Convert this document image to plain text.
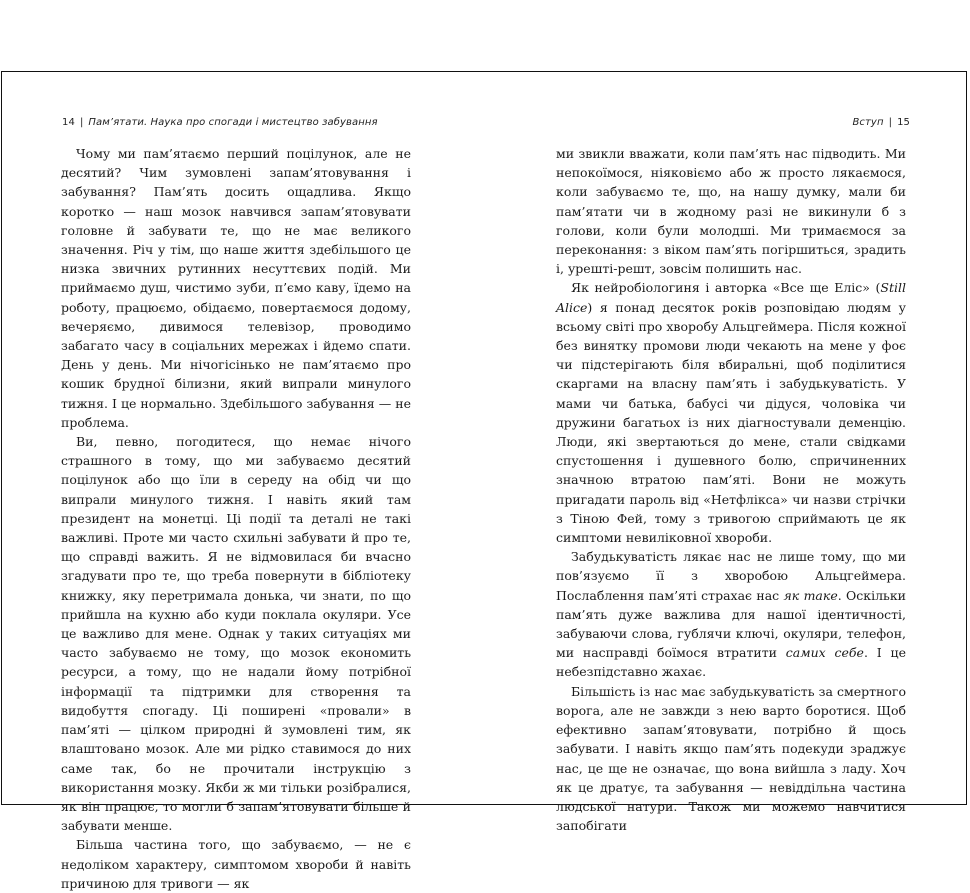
14 | Пам’ятати. Наука про спогади і мистецтво забування	Вступ | 15

Чому ми пам’ятаємо перший поцілунок, але не десятий? Чим зумовлені запам’ятовування і забування? Пам’ять досить ощадлива. Якщо коротко — наш мозок навчився запам’ятовувати головне й забувати те, що не має великого значення. Річ у тім, що наше життя здебільшого це низка звичних рутинних несуттєвих подій. Ми приймаємо душ, чистимо зуби, п’ємо каву, їдемо на роботу, працюємо, обідаємо, повертаємося додому, вечеряємо, дивимося телевізор, проводимо забагато часу в соціальних мережах і йдемо спати. День у день. Ми нічогісінько не пам’ятаємо про кошик брудної білизни, який випрали минулого тижня. І це нормально. Здебільшого забування — не проблема.

Ви, певно, погодитеся, що немає нічого страшного в тому, що ми забуваємо десятий поцілунок або що їли в середу на обід чи що випрали минулого тижня. І навіть який там президент на монетці. Ці події та деталі не такі важливі. Проте ми часто схильні забувати й про те, що справді важить. Я не відмовилася би вчасно згадувати про те, що треба повернути в бібліотеку книжку, яку перетримала донька, чи знати, по що прийшла на кухню або куди поклала окуляри. Усе це важливо для мене. Однак у таких ситуаціях ми часто забуваємо не тому, що мозок економить ресурси, а тому, що не надали йому потрібної інформації та підтримки для створення та видобуття спогаду. Ці поширені «провали» в пам’яті — цілком природні й зумовлені тим, як влаштовано мозок. Але ми рідко ставимося до них саме так, бо не прочитали інструкцію з використання мозку. Якби ж ми тільки розібралися, як він працює, то могли б запам’ятовувати більше й забувати менше.

Більша частина того, що забуваємо, — не є недоліком характеру, симптомом хвороби й навіть причиною для тривоги — як

ми звикли вважати, коли пам’ять нас підводить. Ми непокоїмося, ніяковіємо або ж просто лякаємося, коли забуваємо те, що, на нашу думку, мали би пам’ятати чи в жодному разі не викинули б з голови, коли були молодші. Ми тримаємося за переконання: з віком пам’ять погіршиться, зрадить і, урешті-решт, зовсім полишить нас.

Як нейробіологиня і авторка «Все ще Еліс» (Still Alice) я понад десяток років розповідаю людям у всьому світі про хворобу Альцгеймера. Після кожної без винятку промови люди чекають на мене у фоє чи підстерігають біля вбиральні, щоб поділитися скаргами на власну пам’ять і забудькуватість. У мами чи батька, бабусі чи дідуся, чоловіка чи дружини багатьох із них діагностували деменцію. Люди, які звертаються до мене, стали свідками спустошення і душевного болю, спричиненних значною втратою пам’яті. Вони не можуть пригадати пароль від «Нетфлікса» чи назви стрічки з Тіною Фей, тому з тривогою сприймають це як симптоми невиліковної хвороби.

Забудькуватість лякає нас не лише тому, що ми пов’язуємо її з хворобою Альцгеймера. Послаблення пам’яті страхає нас як таке. Оскільки пам’ять дуже важлива для нашої ідентичності, забуваючи слова, гублячи ключі, окуляри, телефон, ми насправді боїмося втратити самих себе. І це небезпідставно жахає.

Більшість із нас має забудькуватість за смертного ворога, але не завжди з нею варто боротися. Щоб ефективно запам’ятовувати, потрібно й щось забувати. І навіть якщо пам’ять подекуди зраджує нас, це ще не означає, що вона вийшла з ладу. Хоч як це дратує, та забування — невіддільна частина людської натури. Також ми можемо навчитися запобігати
